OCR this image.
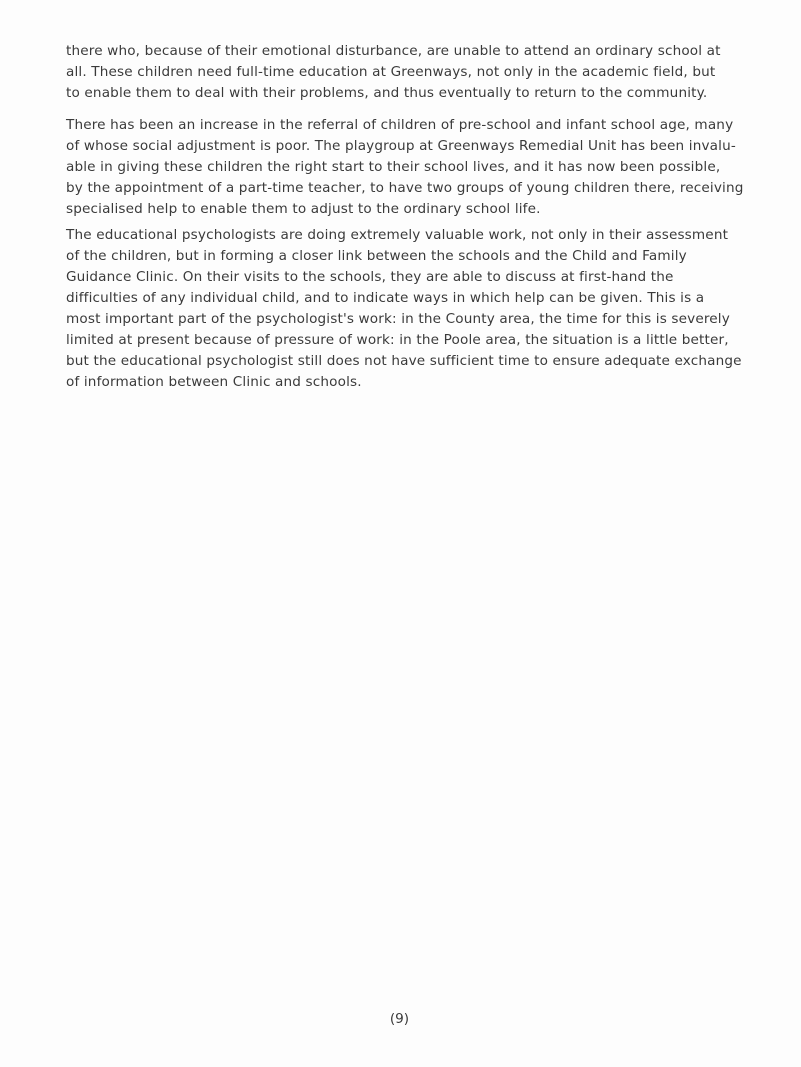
there who, because of their emotional disturbance, are unable to attend an ordinary school at
all. These children need full-time education at Greenways, not only in the academic field, but
to enable them to deal with their problems, and thus eventually to return to the community.
There has been an increase in the referral of children of pre-school and infant school age, many
of whose social adjustment is poor. The playgroup at Greenways Remedial Unit has been invalu-
able in giving these children the right start to their school lives, and it has now been possible,
by the appointment of a part-time teacher, to have two groups of young children there, receiving
specialised help to enable them to adjust to the ordinary school life.
The educational psychologists are doing extremely valuable work, not only in their assessment
of the children, but in forming a closer link between the schools and the Child and Family
Guidance Clinic. On their visits to the schools, they are able to discuss at first-hand the
difficulties of any individual child, and to indicate ways in which help can be given. This is a
most important part of the psychologist's work: in the County area, the time for this is severely
limited at present because of pressure of work: in the Poole area, the situation is a little better,
but the educational psychologist still does not have sufficient time to ensure adequate exchange
of information between Clinic and schools.
(9)
